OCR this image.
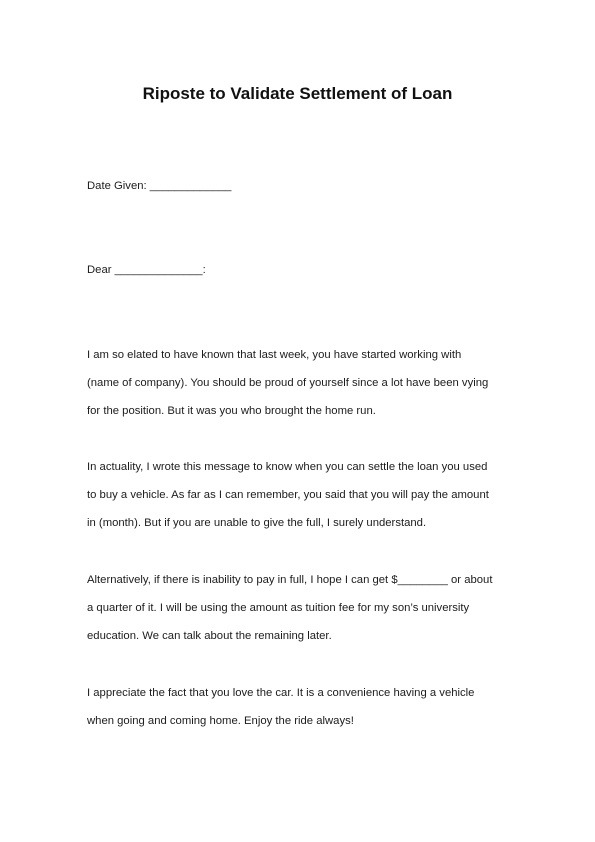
Riposte to Validate Settlement of Loan

Date Given: _____________

Dear ______________:

I am so elated to have known that last week, you have started working with
(name of company). You should be proud of yourself since a lot have been vying
for the position. But it was you who brought the home run.
In actuality, I wrote this message to know when you can settle the loan you used
to buy a vehicle. As far as I can remember, you said that you will pay the amount
in (month). But if you are unable to give the full, I surely understand.
Alternatively, if there is inability to pay in full, I hope I can get $________ or about
a quarter of it. I will be using the amount as tuition fee for my son’s university
education. We can talk about the remaining later.
I appreciate the fact that you love the car. It is a convenience having a vehicle
when going and coming home. Enjoy the ride always!
